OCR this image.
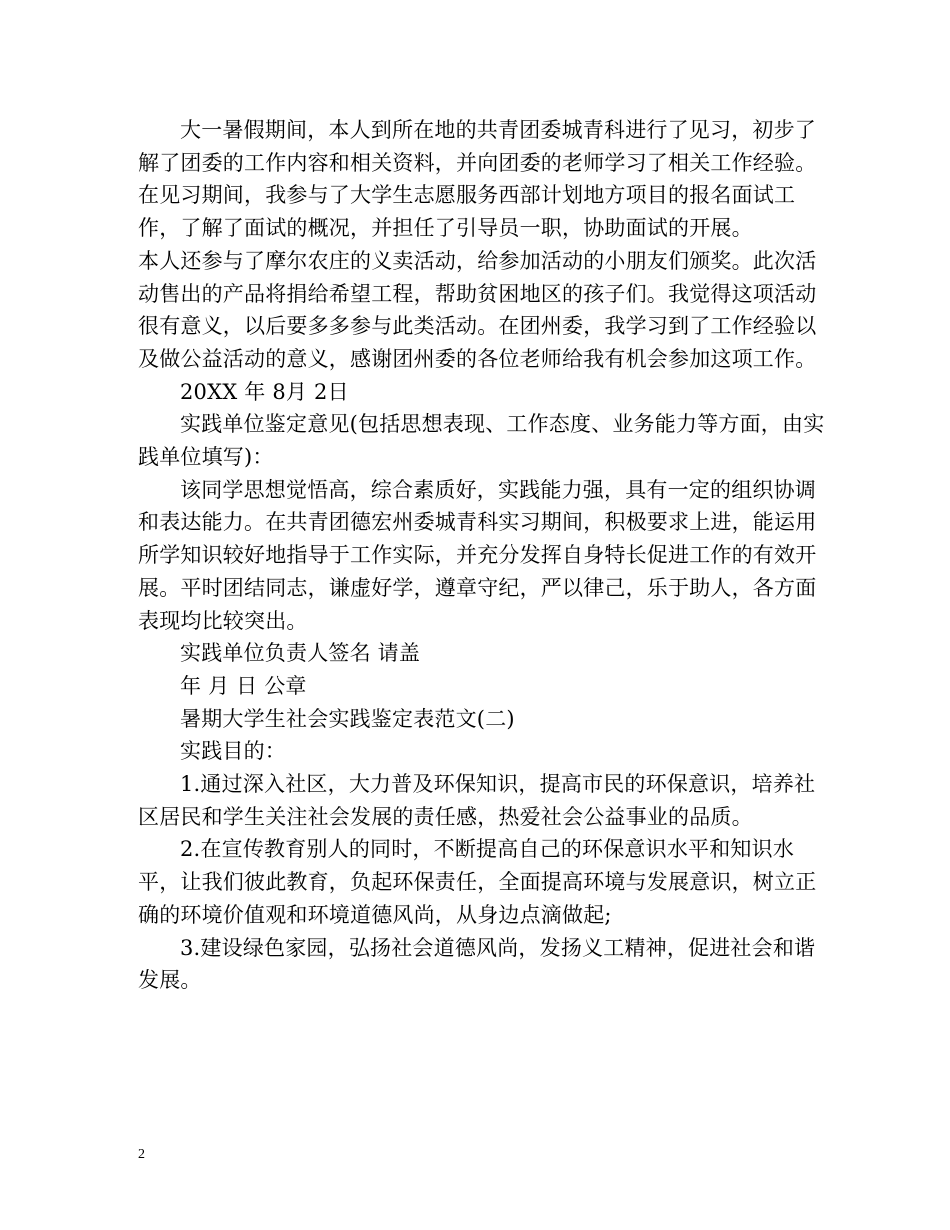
大一暑假期间，本人到所在地的共青团委城青科进行了见习，初步了解了团委的工作内容和相关资料，并向团委的老师学习了相关工作经验。在见习期间，我参与了大学生志愿服务西部计划地方项目的报名面试工作，了解了面试的概况，并担任了引导员一职，协助面试的开展。

本人还参与了摩尔农庄的义卖活动，给参加活动的小朋友们颁奖。此次活动售出的产品将捐给希望工程，帮助贫困地区的孩子们。我觉得这项活动很有意义，以后要多多参与此类活动。在团州委，我学习到了工作经验以及做公益活动的意义，感谢团州委的各位老师给我有机会参加这项工作。

20XX 年 8月 2日

实践单位鉴定意见(包括思想表现、工作态度、业务能力等方面，由实践单位填写)：

该同学思想觉悟高，综合素质好，实践能力强，具有一定的组织协调和表达能力。在共青团德宏州委城青科实习期间，积极要求上进，能运用所学知识较好地指导于工作实际，并充分发挥自身特长促进工作的有效开展。平时团结同志，谦虚好学，遵章守纪，严以律己，乐于助人，各方面表现均比较突出。

实践单位负责人签名 请盖

年 月 日 公章

暑期大学生社会实践鉴定表范文(二)

实践目的：

1.通过深入社区，大力普及环保知识，提高市民的环保意识，培养社区居民和学生关注社会发展的责任感，热爱社会公益事业的品质。

2.在宣传教育别人的同时，不断提高自己的环保意识水平和知识水平，让我们彼此教育，负起环保责任，全面提高环境与发展意识，树立正确的环境价值观和环境道德风尚，从身边点滴做起;

3.建设绿色家园，弘扬社会道德风尚，发扬义工精神，促进社会和谐发展。

2
